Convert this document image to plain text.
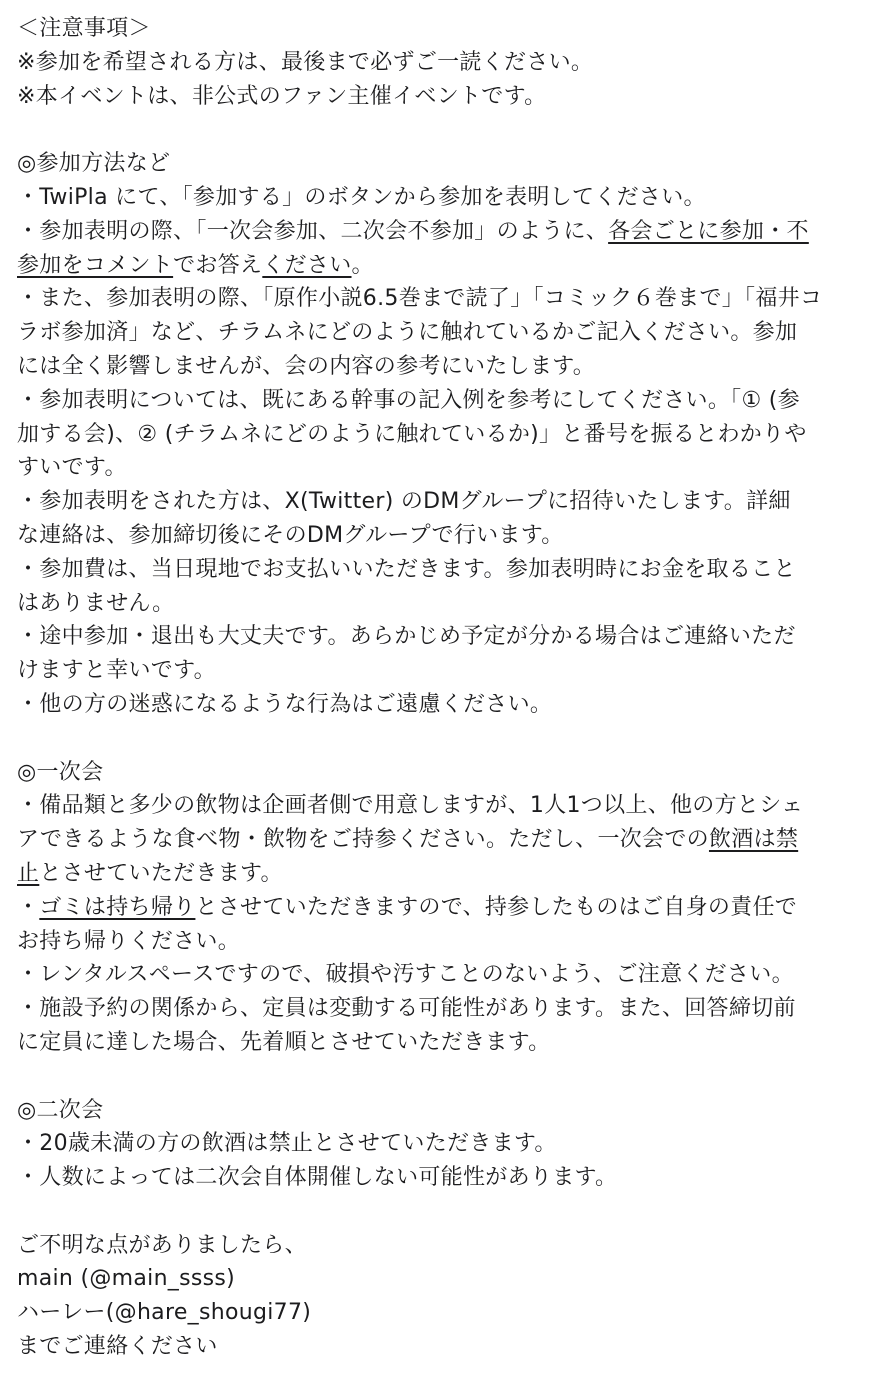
＜注意事項＞
※参加を希望される方は、最後まで必ずご一読ください。
※本イベントは、非公式のファン主催イベントです。
◎参加方法など
・TwiPla にて、「参加する」のボタンから参加を表明してください。
・参加表明の際、「一次会参加、二次会不参加」のように、各会ごとに参加・不
参加をコメントでお答えください。
・また、参加表明の際、「原作小説6.5巻まで読了」「コミック６巻まで」「福井コ
ラボ参加済」など、チラムネにどのように触れているかご記入ください。参加
には全く影響しませんが、会の内容の参考にいたします。
・参加表明については、既にある幹事の記入例を参考にしてください。「① (参
加する会)、② (チラムネにどのように触れているか)」と番号を振るとわかりや
すいです。
・参加表明をされた方は、X(Twitter) のDMグループに招待いたします。詳細
な連絡は、参加締切後にそのDMグループで行います。
・参加費は、当日現地でお支払いいただきます。参加表明時にお金を取ること
はありません。
・途中参加・退出も大丈夫です。あらかじめ予定が分かる場合はご連絡いただ
けますと幸いです。
・他の方の迷惑になるような行為はご遠慮ください。
◎一次会
・備品類と多少の飲物は企画者側で用意しますが、1人1つ以上、他の方とシェ
アできるような食べ物・飲物をご持参ください。ただし、一次会での飲酒は禁
止とさせていただきます。
・ゴミは持ち帰りとさせていただきますので、持参したものはご自身の責任で
お持ち帰りください。
・レンタルスペースですので、破損や汚すことのないよう、ご注意ください。
・施設予約の関係から、定員は変動する可能性があります。また、回答締切前
に定員に達した場合、先着順とさせていただきます。
◎二次会
・20歳未満の方の飲酒は禁止とさせていただきます。
・人数によっては二次会自体開催しない可能性があります。
ご不明な点がありましたら、
main (@main_ssss)
ハーレー(@hare_shougi77)
までご連絡ください
